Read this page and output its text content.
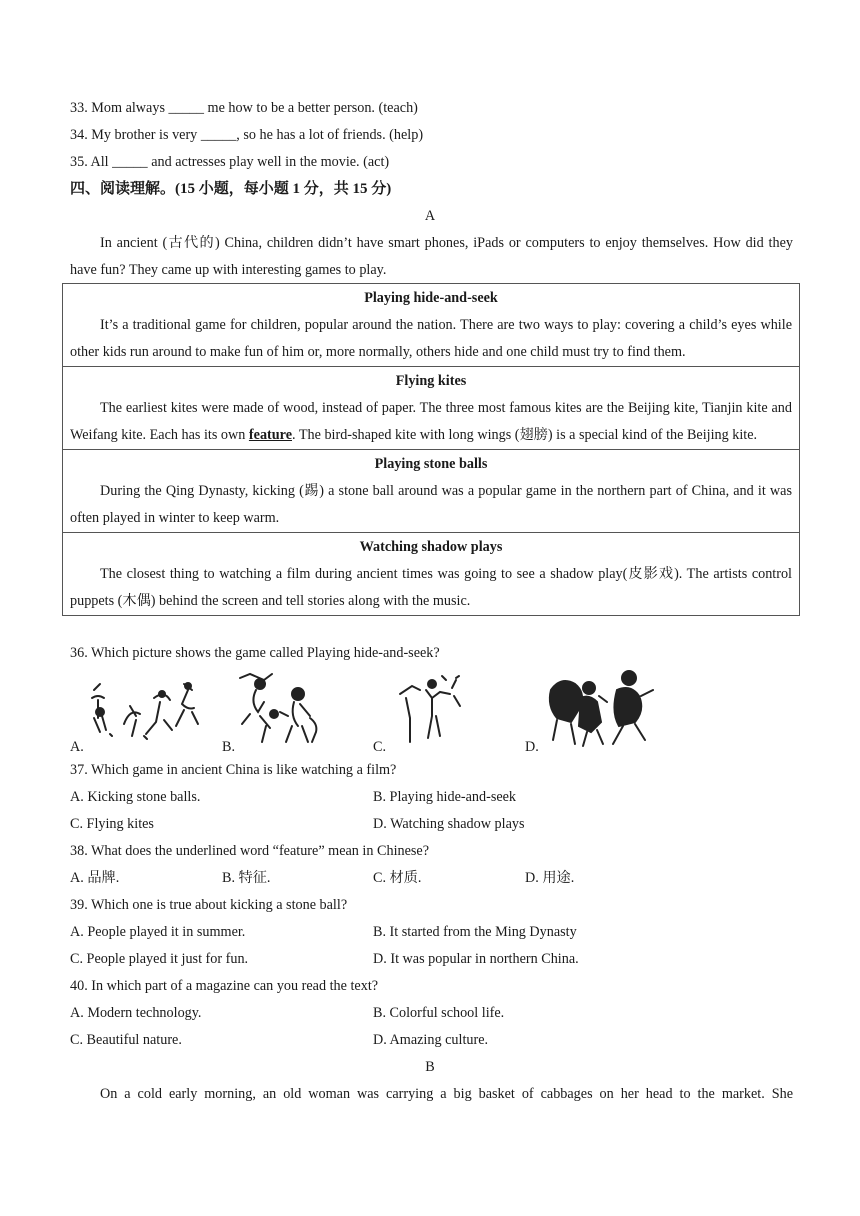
33. Mom always _____ me how to be a better person. (teach)
34. My brother is very _____, so he has a lot of friends. (help)
35. All _____ and actresses play well in the movie. (act)
四、阅读理解。(15 小题，每小题 1 分，共 15 分)
A
In ancient (古代的) China, children didn’t have smart phones, iPads or computers to enjoy themselves. How did they have fun? They came up with interesting games to play.
Playing hide-and-seek
It’s a traditional game for children, popular around the nation. There are two ways to play: covering a child’s eyes while other kids run around to make fun of him or, more normally, others hide and one child must try to find them.
Flying kites
The earliest kites were made of wood, instead of paper. The three most famous kites are the Beijing kite, Tianjin kite and Weifang kite. Each has its own feature. The bird-shaped kite with long wings (翅膀) is a special kind of the Beijing kite.
Playing stone balls
During the Qing Dynasty, kicking (踢) a stone ball around was a popular game in the northern part of China, and it was often played in winter to keep warm.
Watching shadow plays
The closest thing to watching a film during ancient times was going to see a shadow play(皮影戏). The artists control puppets (木偶) behind the screen and tell stories along with the music.
36. Which picture shows the game called Playing hide-and-seek?
A.	B.	C.	D.
37. Which game in ancient China is like watching a film?
A. Kicking stone balls.	B. Playing hide-and-seek
C. Flying kites	D. Watching shadow plays
38. What does the underlined word “feature” mean in Chinese?
A. 品牌.	B. 特征.	C. 材质.	D. 用途.
39. Which one is true about kicking a stone ball?
A. People played it in summer.	B. It started from the Ming Dynasty
C. People played it just for fun.	D. It was popular in northern China.
40. In which part of a magazine can you read the text?
A. Modern technology.	B. Colorful school life.
C. Beautiful nature.	D. Amazing culture.
B
On a cold early morning, an old woman was carrying a big basket of cabbages on her head to the market. She
